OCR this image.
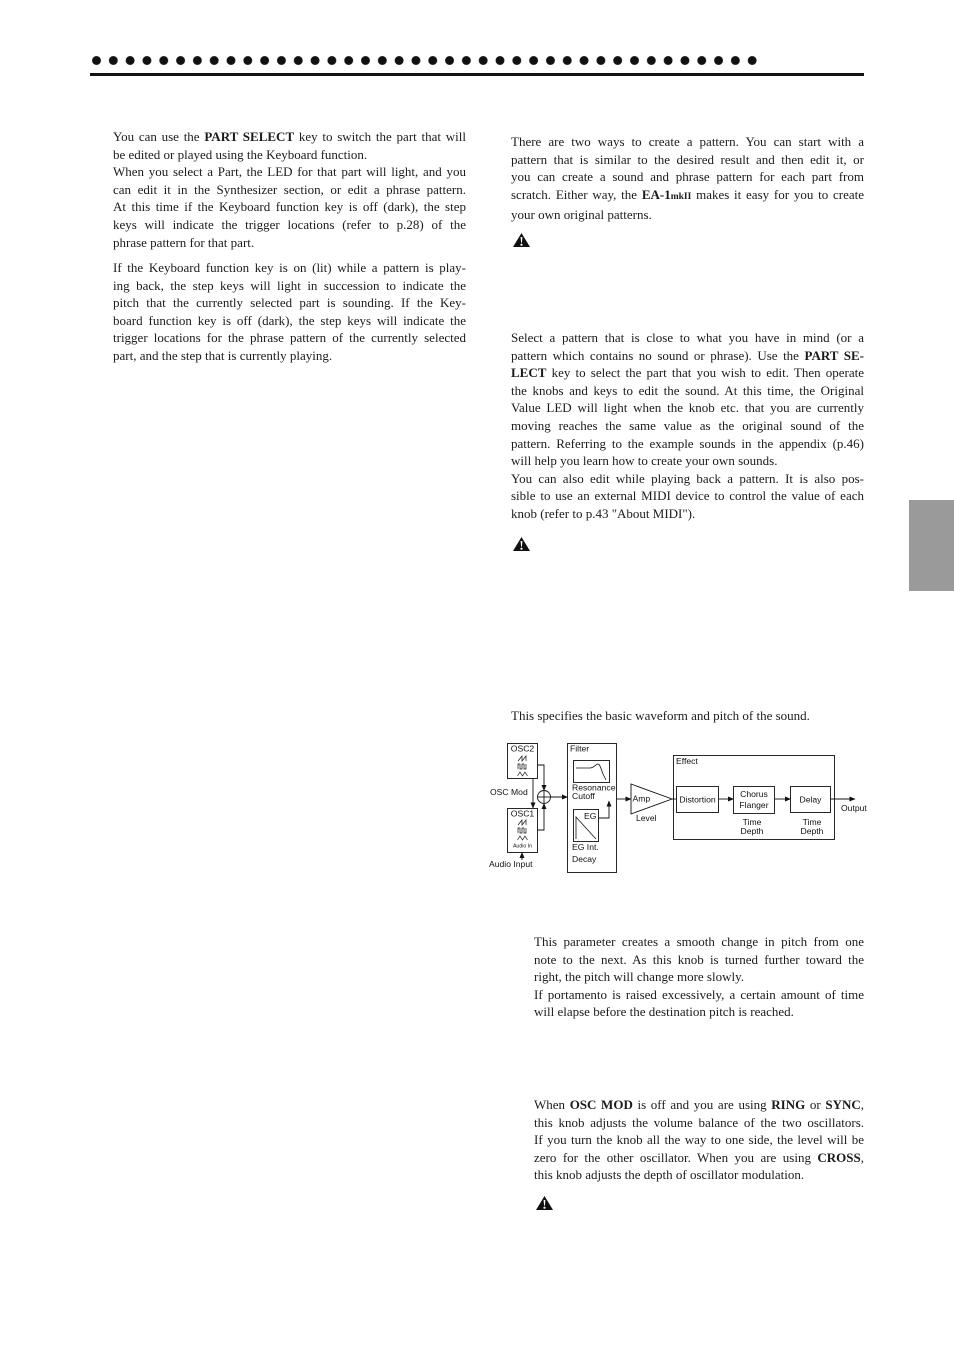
You can use the PART SELECT key to switch the part that will
be edited or played using the Keyboard function.
When you select a Part, the LED for that part will light, and you
can edit it in the Synthesizer section, or edit a phrase pattern.
At this time if the Keyboard function key is off (dark), the step
keys will indicate the trigger locations (refer to p.28) of the
phrase pattern for that part.
If the Keyboard function key is on (lit) while a pattern is play-
ing back, the step keys will light in succession to indicate the
pitch that the currently selected part is sounding. If the Key-
board function key is off (dark), the step keys will indicate the
trigger locations for the phrase pattern of the currently selected
part, and the step that is currently playing.
There are two ways to create a pattern. You can start with a
pattern that is similar to the desired result and then edit it, or
you can create a sound and phrase pattern for each part from
scratch. Either way, the EA-1mkII makes it easy for you to create
your own original patterns.
Select a pattern that is close to what you have in mind (or a
pattern which contains no sound or phrase). Use the PART SE-
LECT key to select the part that you wish to edit. Then operate
the knobs and keys to edit the sound. At this time, the Original
Value LED will light when the knob etc. that you are currently
moving reaches the same value as the original sound of the
pattern. Referring to the example sounds in the appendix (p.46)
will help you learn how to create your own sounds.
You can also edit while playing back a pattern. It is also pos-
sible to use an external MIDI device to control the value of each
knob (refer to p.43 "About MIDI").
This specifies the basic waveform and pitch of the sound.
OSC2
OSC1
Audio In
OSC Mod
Audio Input
Filter
Resonance
Cutoff
EG
EG Int.
Decay
Amp
Level
Effect
Distortion
Chorus
Flanger
Time
Depth
Delay
Time
Depth
Output
This parameter creates a smooth change in pitch from one
note to the next. As this knob is turned further toward the
right, the pitch will change more slowly.
If portamento is raised excessively, a certain amount of time
will elapse before the destination pitch is reached.
When OSC MOD is off and you are using RING or SYNC,
this knob adjusts the volume balance of the two oscillators.
If you turn the knob all the way to one side, the level will be
zero for the other oscillator. When you are using CROSS,
this knob adjusts the depth of oscillator modulation.
